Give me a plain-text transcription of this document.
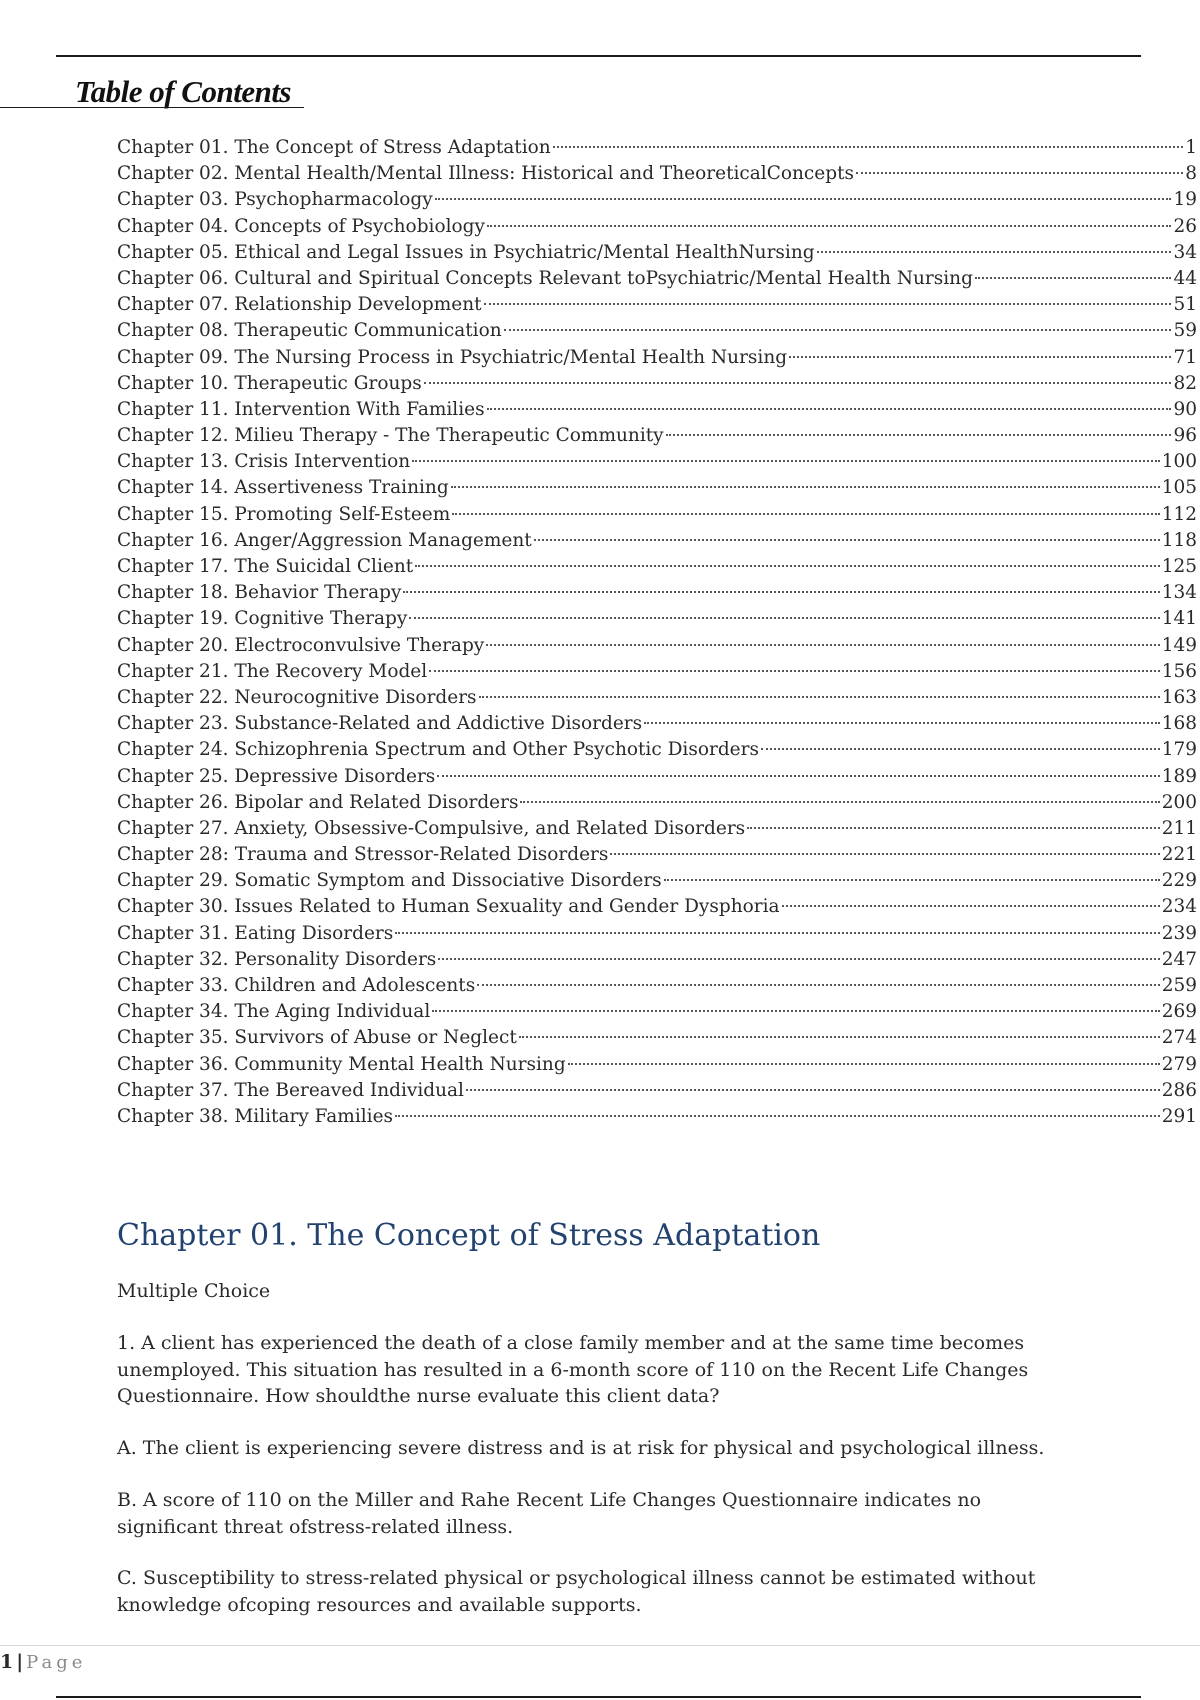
Table of Contents
Chapter 01. The Concept of Stress Adaptation	1
Chapter 02. Mental Health/Mental Illness: Historical and TheoreticalConcepts	8
Chapter 03. Psychopharmacology	19
Chapter 04. Concepts of Psychobiology	26
Chapter 05. Ethical and Legal Issues in Psychiatric/Mental HealthNursing	34
Chapter 06. Cultural and Spiritual Concepts Relevant toPsychiatric/Mental Health Nursing	44
Chapter 07. Relationship Development	51
Chapter 08. Therapeutic Communication	59
Chapter 09. The Nursing Process in Psychiatric/Mental Health Nursing	71
Chapter 10. Therapeutic Groups	82
Chapter 11. Intervention With Families	90
Chapter 12. Milieu Therapy - The Therapeutic Community	96
Chapter 13. Crisis Intervention	100
Chapter 14. Assertiveness Training	105
Chapter 15. Promoting Self-Esteem	112
Chapter 16. Anger/Aggression Management	118
Chapter 17. The Suicidal Client	125
Chapter 18. Behavior Therapy	134
Chapter 19. Cognitive Therapy	141
Chapter 20. Electroconvulsive Therapy	149
Chapter 21. The Recovery Model	156
Chapter 22. Neurocognitive Disorders	163
Chapter 23. Substance-Related and Addictive Disorders	168
Chapter 24. Schizophrenia Spectrum and Other Psychotic Disorders	179
Chapter 25. Depressive Disorders	189
Chapter 26. Bipolar and Related Disorders	200
Chapter 27. Anxiety, Obsessive-Compulsive, and Related Disorders	211
Chapter 28: Trauma and Stressor-Related Disorders	221
Chapter 29. Somatic Symptom and Dissociative Disorders	229
Chapter 30. Issues Related to Human Sexuality and Gender Dysphoria	234
Chapter 31. Eating Disorders	239
Chapter 32. Personality Disorders	247
Chapter 33. Children and Adolescents	259
Chapter 34. The Aging Individual	269
Chapter 35. Survivors of Abuse or Neglect	274
Chapter 36. Community Mental Health Nursing	279
Chapter 37. The Bereaved Individual	286
Chapter 38. Military Families	291
Chapter 01. The Concept of Stress Adaptation
Multiple Choice
1. A client has experienced the death of a close family member and at the same time becomes unemployed. This situation has resulted in a 6-month score of 110 on the Recent Life Changes Questionnaire. How shouldthe nurse evaluate this client data?
A. The client is experiencing severe distress and is at risk for physical and psychological illness.
B. A score of 110 on the Miller and Rahe Recent Life Changes Questionnaire indicates no significant threat ofstress-related illness.
C. Susceptibility to stress-related physical or psychological illness cannot be estimated without knowledge ofcoping resources and available supports.
1 | Page
